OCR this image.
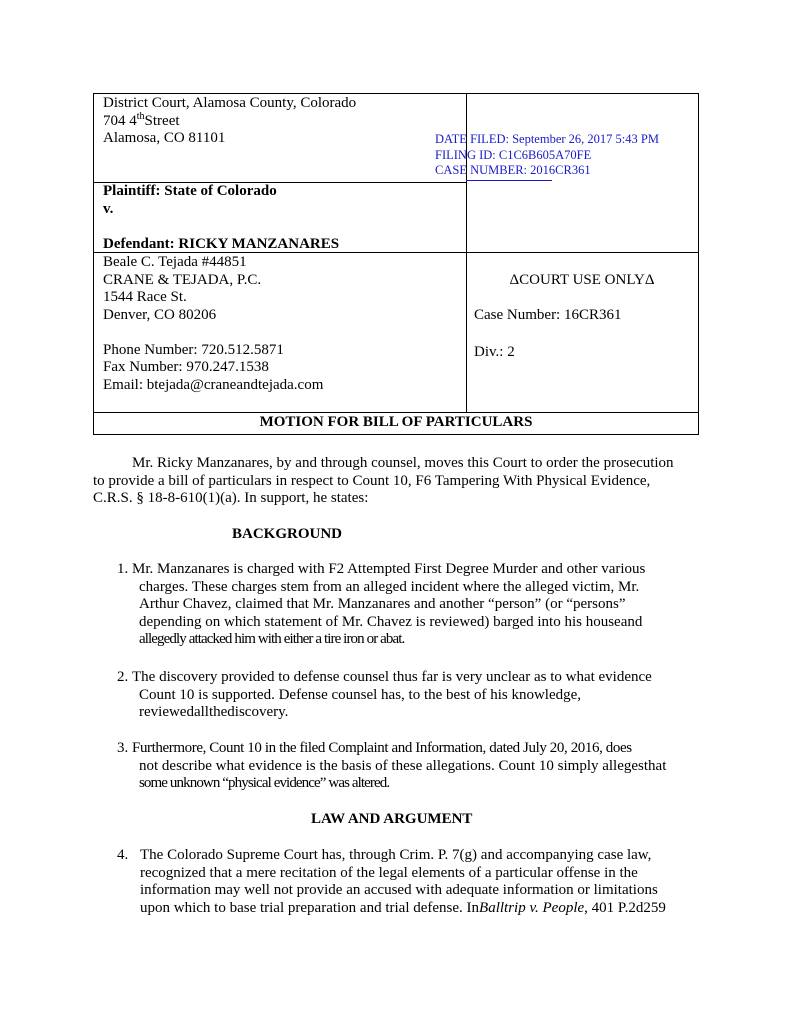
District Court, Alamosa County, Colorado
704 4thStreet
Alamosa, CO 81101
Plaintiff: State of Colorado
v.
Defendant: RICKY MANZANARES
Beale C. Tejada #44851
CRANE & TEJADA, P.C.
1544 Race St.
Denver, CO 80206
Phone Number: 720.512.5871
Fax Number: 970.247.1538
Email: btejada@craneandtejada.com
ΔCOURT USE ONLYΔ
Case Number: 16CR361
Div.: 2
MOTION FOR BILL OF PARTICULARS
DATE FILED: September 26, 2017 5:43 PM
FILING ID: C1C6B605A70FE
CASE NUMBER: 2016CR361
Mr. Ricky Manzanares, by and through counsel, moves this Court to order the prosecution
to provide a bill of particulars in respect to Count 10, F6 Tampering With Physical Evidence,
C.R.S. § 18-8-610(1)(a). In support, he states:
BACKGROUND
1. Mr. Manzanares is charged with F2 Attempted First Degree Murder and other various
charges. These charges stem from an alleged incident where the alleged victim, Mr.
Arthur Chavez, claimed that Mr. Manzanares and another “person” (or “persons”
depending on which statement of Mr. Chavez is reviewed) barged into his houseand
allegedly attacked him with either a tire iron or abat.
2. The discovery provided to defense counsel thus far is very unclear as to what evidence
Count 10 is supported. Defense counsel has, to the best of his knowledge,
reviewedallthediscovery.
3. Furthermore, Count 10 in the filed Complaint and Information, dated July 20, 2016, does
not describe what evidence is the basis of these allegations. Count 10 simply allegesthat
some unknown “physical evidence” was altered.
LAW AND ARGUMENT
4. The Colorado Supreme Court has, through Crim. P. 7(g) and accompanying case law,
recognized that a mere recitation of the legal elements of a particular offense in the
information may well not provide an accused with adequate information or limitations
upon which to base trial preparation and trial defense. InBalltrip v. People, 401 P.2d259
